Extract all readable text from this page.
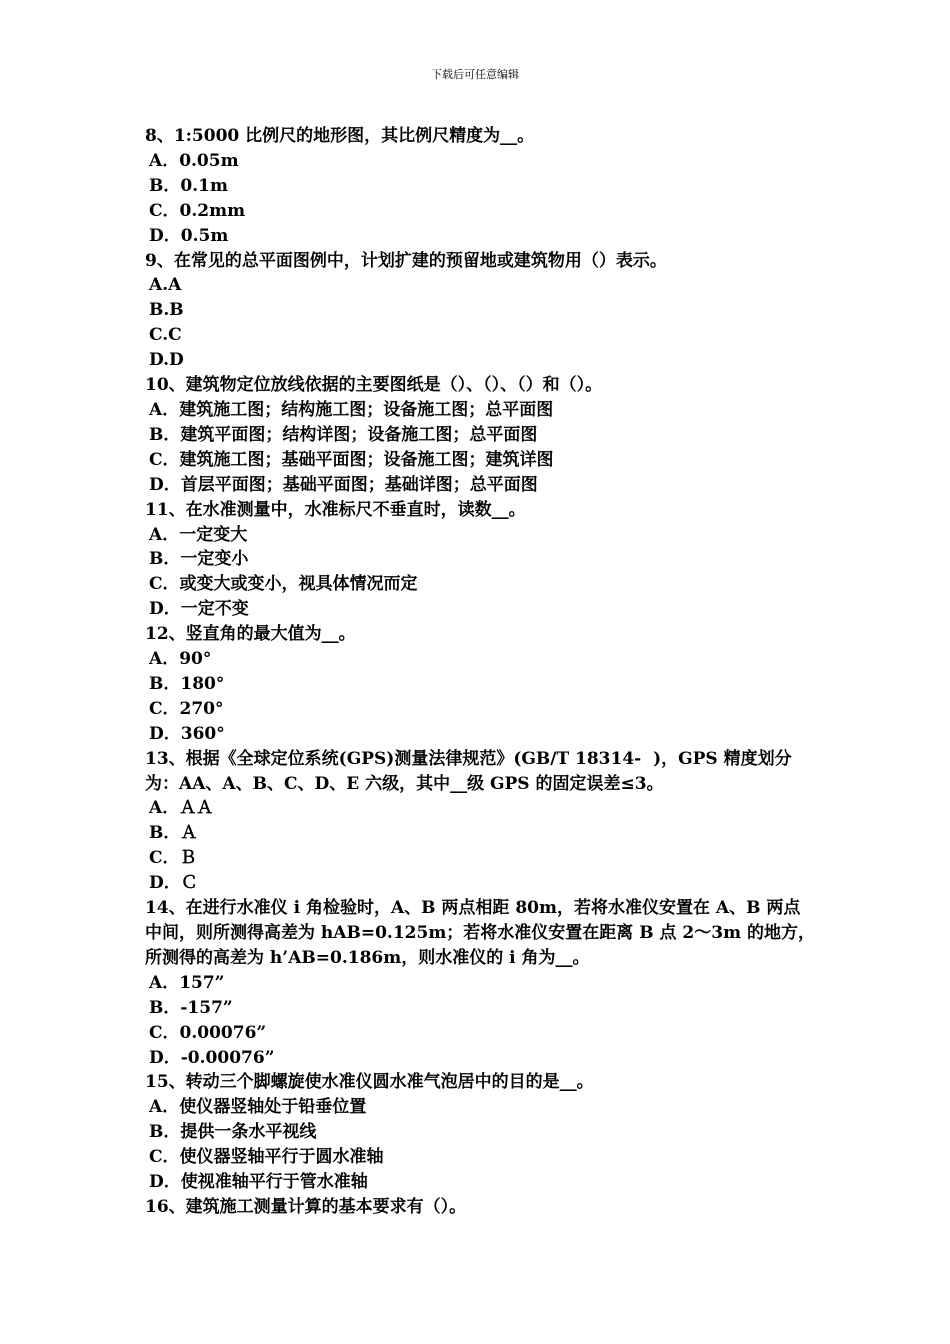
下载后可任意编辑

8、1:5000 比例尺的地形图，其比例尺精度为__。

A．0.05m

B．0.1m

C．0.2mm

D．0.5m

9、在常见的总平面图例中，计划扩建的预留地或建筑物用（）表示。

A.A

B.B

C.C

D.D

10、建筑物定位放线依据的主要图纸是（）、（）、（）和（）。

A．建筑施工图；结构施工图；设备施工图；总平面图

B．建筑平面图；结构详图；设备施工图；总平面图

C．建筑施工图；基础平面图；设备施工图；建筑详图

D．首层平面图；基础平面图；基础详图；总平面图

11、在水准测量中，水准标尺不垂直时，读数__。

A．一定变大

B．一定变小

C．或变大或变小，视具体情况而定

D．一定不变

12、竖直角的最大值为__。

A．90°

B．180°

C．270°

D．360°

13、根据《全球定位系统(GPS)测量法律规范》(GB/T 18314-  )，GPS 精度划分为：AA、A、B、C、D、E 六级，其中__级 GPS 的固定误差≤3。

A．ＡＡ

B．Ａ

C．Ｂ

D．Ｃ

14、在进行水准仪 i 角检验时，A、B 两点相距 80m，若将水准仪安置在 A、B 两点中间，则所测得高差为 hAB=0.125m；若将水准仪安置在距离 B 点 2～3m 的地方，所测得的高差为 h’AB=0.186m，则水准仪的 i 角为__。

A．157”

B．-157”

C．0.00076”

D．-0.00076”

15、转动三个脚螺旋使水准仪圆水准气泡居中的目的是__。

A．使仪器竖轴处于铅垂位置

B．提供一条水平视线

C．使仪器竖轴平行于圆水准轴

D．使视准轴平行于管水准轴

16、建筑施工测量计算的基本要求有（）。
